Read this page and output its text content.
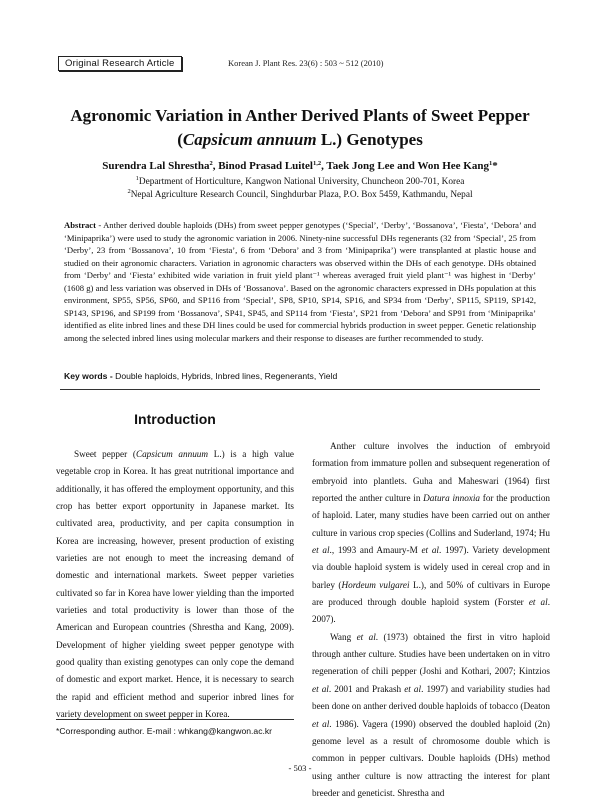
Original Research Article	Korean J. Plant Res. 23(6) : 503 ~ 512 (2010)
Agronomic Variation in Anther Derived Plants of Sweet Pepper
(Capsicum annuum L.) Genotypes
Surendra Lal Shrestha$^2$, Binod Prasad Luitel$^{1,2}$, Taek Jong Lee and Won Hee Kang$^1$*
$^1$Department of Horticulture, Kangwon National University, Chuncheon 200-701, Korea
$^2$Nepal Agriculture Research Council, Singhdurbar Plaza, P.O. Box 5459, Kathmandu, Nepal
Abstract - Anther derived double haploids (DHs) from sweet pepper genotypes (‘Special’, ‘Derby’, ‘Bossanova’, ‘Fiesta’, ‘Debora’ and ‘Minipaprika’) were used to study the agronomic variation in 2006. Ninety-nine successful DHs regenerants (32 from ‘Special’, 25 from ‘Derby’, 23 from ‘Bossanova’, 10 from ‘Fiesta’, 6 from ‘Debora’ and 3 from ‘Minipaprika’) were transplanted at plastic house and studied on their agronomic characters. Variation in agronomic characters was observed within the DHs of each genotype. DHs obtained from ‘Derby’ and ‘Fiesta’ exhibited wide variation in fruit yield plant⁻¹ whereas averaged fruit yield plant⁻¹ was highest in ‘Derby’ (1608 g) and less variation was observed in DHs of ‘Bossanova’. Based on the agronomic characters expressed in DHs population at this environment, SP55, SP56, SP60, and SP116 from ‘Special’, SP8, SP10, SP14, SP16, and SP34 from ‘Derby’, SP115, SP119, SP142, SP143, SP196, and SP199 from ‘Bossanova’, SP41, SP45, and SP114 from ‘Fiesta’, SP21 from ‘Debora’ and SP91 from ‘Minipaprika’ identified as elite inbred lines and these DH lines could be used for commercial hybrids production in sweet pepper. Genetic relationship among the selected inbred lines using molecular markers and their response to diseases are further recommended to study.
Key words - Double haploids, Hybrids, Inbred lines, Regenerants, Yield
Introduction

Sweet pepper (Capsicum annuum L.) is a high value vegetable crop in Korea. It has great nutritional importance and additionally, it has offered the employment opportunity, and this crop has better export opportunity in Japanese market. Its cultivated area, productivity, and per capita consumption in Korea are increasing, however, present production of existing varieties are not enough to meet the increasing demand of domestic and international markets. Sweet pepper varieties cultivated so far in Korea have lower yielding than the imported varieties and total productivity is lower than those of the American and European countries (Shrestha and Kang, 2009). Development of higher yielding sweet pepper genotype with good quality than existing genotypes can only cope the demand of domestic and export market. Hence, it is necessary to search the rapid and efficient method and superior inbred lines for variety development on sweet pepper in Korea.

Anther culture involves the induction of embryoid formation from immature pollen and subsequent regeneration of embryoid into plantlets. Guha and Maheswari (1964) first reported the anther culture in Datura innoxia for the production of haploid. Later, many studies have been carried out on anther culture in various crop species (Collins and Suderland, 1974; Hu et al., 1993 and Amaury-M et al. 1997). Variety development via double haploid system is widely used in cereal crop and in barley (Hordeum vulgarei L.), and 50% of cultivars in Europe are produced through double haploid system (Forster et al. 2007).

Wang et al. (1973) obtained the first in vitro haploid through anther culture. Studies have been undertaken on in vitro regeneration of chili pepper (Joshi and Kothari, 2007; Kintzios et al. 2001 and Prakash et al. 1997) and variability studies had been done on anther derived double haploids of tobacco (Deaton et al. 1986). Vagera (1990) observed the doubled haploid (2n) genome level as a result of chromosome double which is common in pepper cultivars. Double haploids (DHs) method using anther culture is now attracting the interest for plant breeder and geneticist. Shrestha and

*Corresponding author. E-mail : whkang@kangwon.ac.kr
- 503 -
